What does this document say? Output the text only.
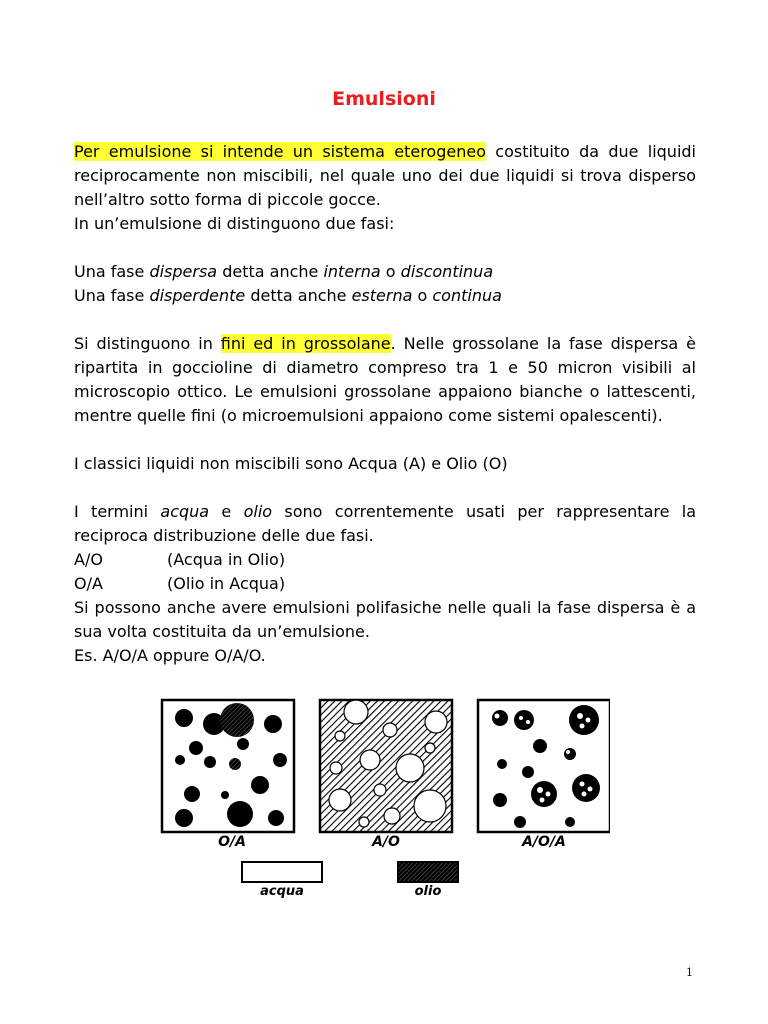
Emulsioni

Per emulsione si intende un sistema eterogeneo costituito da due liquidi reciprocamente non miscibili, nel quale uno dei due liquidi si trova disperso nell’altro sotto forma di piccole gocce.

In un’emulsione di distinguono due fasi:

Una fase dispersa detta anche interna o discontinua

Una fase disperdente detta anche esterna o continua

Si distinguono in fini ed in grossolane. Nelle grossolane la fase dispersa è ripartita in goccioline di diametro compreso tra 1 e 50 micron visibili al microscopio ottico. Le emulsioni grossolane appaiono bianche o lattescenti, mentre quelle fini (o microemulsioni appaiono come sistemi opalescenti).

I classici liquidi non miscibili sono Acqua (A) e Olio (O)

I termini acqua e olio sono correntemente usati per rappresentare la reciproca distribuzione delle due fasi.

A/O	(Acqua in Olio)
O/A	(Olio in Acqua)

Si possono anche avere emulsioni polifasiche nelle quali la fase dispersa è a sua volta costituita da un’emulsione.

Es. A/O/A oppure O/A/O.

O/A	A/O	A/O/A
acqua	olio
1
